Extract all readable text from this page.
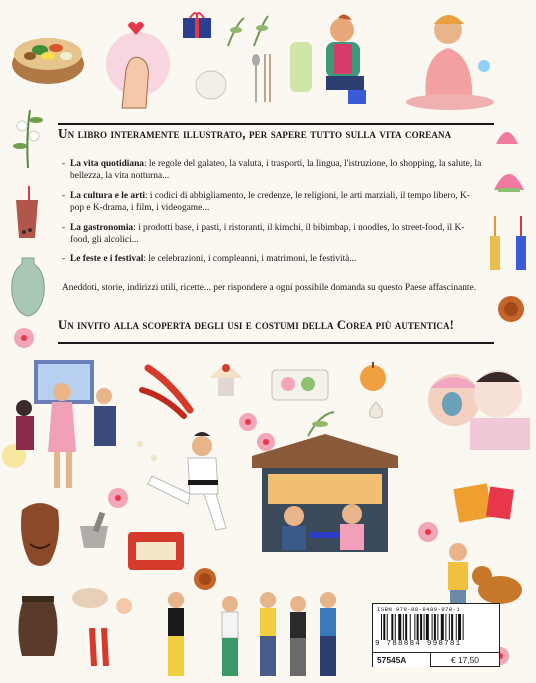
Un libro interamente illustrato, per sapere tutto sulla vita coreana
- La vita quotidiana: le regole del galateo, la valuta, i trasporti, la lingua, l'istruzione, lo shopping, la salute, la bellezza, la vita notturna...
- La cultura e le arti: i codici di abbigliamento, le credenze, le religioni, le arti marziali, il tempo libero, K-pop e K-drama, i film, i videogame...
- La gastronomia: i prodotti base, i pasti, i ristoranti, il kimchi, il bibimbap, i noodles, lo street-food, il K-food, gli alcolici...
- Le feste e i festival: le celebrazioni, i compleanni, i matrimoni, le festività...
Aneddoti, storie, indirizzi utili, ricette... per rispondere a ogni possibile domanda su questo Paese affascinante.
Un invito alla scoperta degli usi e costumi della Corea più autentica!
ISBN 978-88-8499-878-1
9 788884 998781
57545A	€ 17,50
